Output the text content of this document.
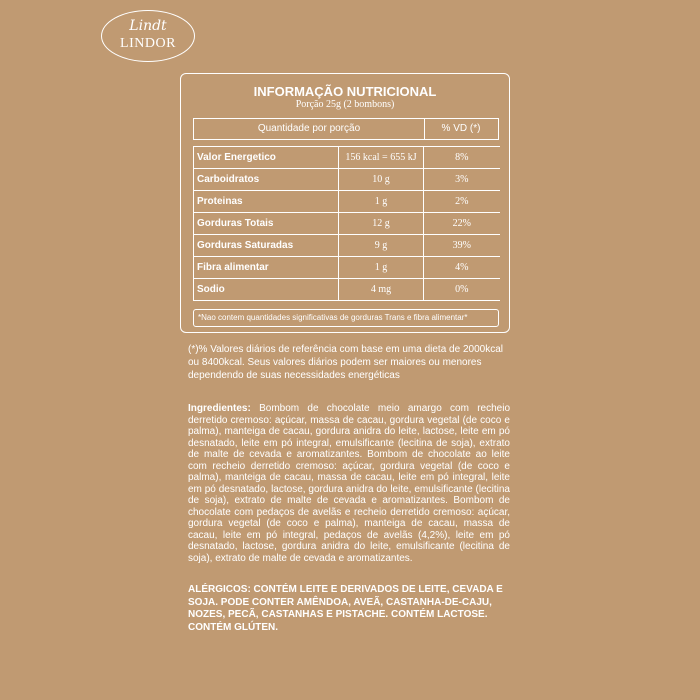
Lindt
LINDOR
INFORMAÇÃO NUTRICIONAL
Porção 25g (2 bombons)
Quantidade por porção	% VD (*)
Valor Energetico	156 kcal = 655 kJ	8%
Carboidratos	10 g	3%
Proteinas	1 g	2%
Gorduras Totais	12 g	22%
Gorduras Saturadas	9 g	39%
Fibra alimentar	1 g	4%
Sodio	4 mg	0%
*Nao contem quantidades significativas de gorduras Trans e fibra alimentar*
(*)% Valores diários de referência com base em uma dieta de 2000kcal ou 8400kcal. Seus valores diários podem ser maiores ou menores dependendo de suas necessidades energéticas
Ingredientes: Bombom de chocolate meio amargo com recheio derretido cremoso: açúcar, massa de cacau, gordura vegetal (de coco e palma), manteiga de cacau, gordura anidra do leite, lactose, leite em pó desnatado, leite em pó integral, emulsificante (lecitina de soja), extrato de malte de cevada e aromatizantes. Bombom de chocolate ao leite com recheio derretido cremoso: açúcar, gordura vegetal (de coco e palma), manteiga de cacau, massa de cacau, leite em pó integral, leite em pó desnatado, lactose, gordura anidra do leite, emulsificante (lecitina de soja), extrato de malte de cevada e aromatizantes. Bombom de chocolate com pedaços de avelãs e recheio derretido cremoso: açúcar, gordura vegetal (de coco e palma), manteiga de cacau, massa de cacau, leite em pó integral, pedaços de avelãs (4,2%), leite em pó desnatado, lactose, gordura anidra do leite, emulsificante (lecitina de soja), extrato de malte de cevada e aromatizantes.
ALÉRGICOS: CONTÉM LEITE E DERIVADOS DE LEITE, CEVADA E SOJA. PODE CONTER AMÊNDOA, AVEÃ, CASTANHA-DE-CAJU, NOZES, PECÃ, CASTANHAS E PISTACHE. CONTÉM LACTOSE. CONTÉM GLÚTEN.
